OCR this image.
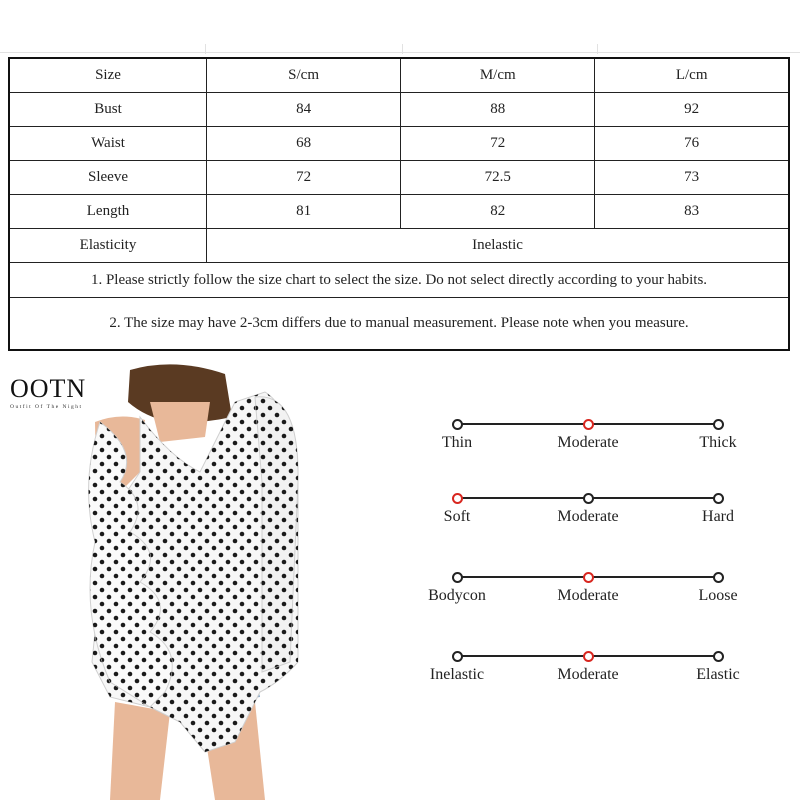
Size	S/cm	M/cm	L/cm
Bust	84	88	92
Waist	68	72	76
Sleeve	72	72.5	73
Length	81	82	83
Elasticity	Inelastic		
1. Please strictly follow the size chart to select the size. Do not select directly according to your habits.			
2. The size may have 2-3cm differs due to manual measurement. Please note when you measure.			
OOTN
Outfit Of The Night
Thin	Moderate	Thick
Soft	Moderate	Hard
Bodycon	Moderate	Loose
Inelastic	Moderate	Elastic
